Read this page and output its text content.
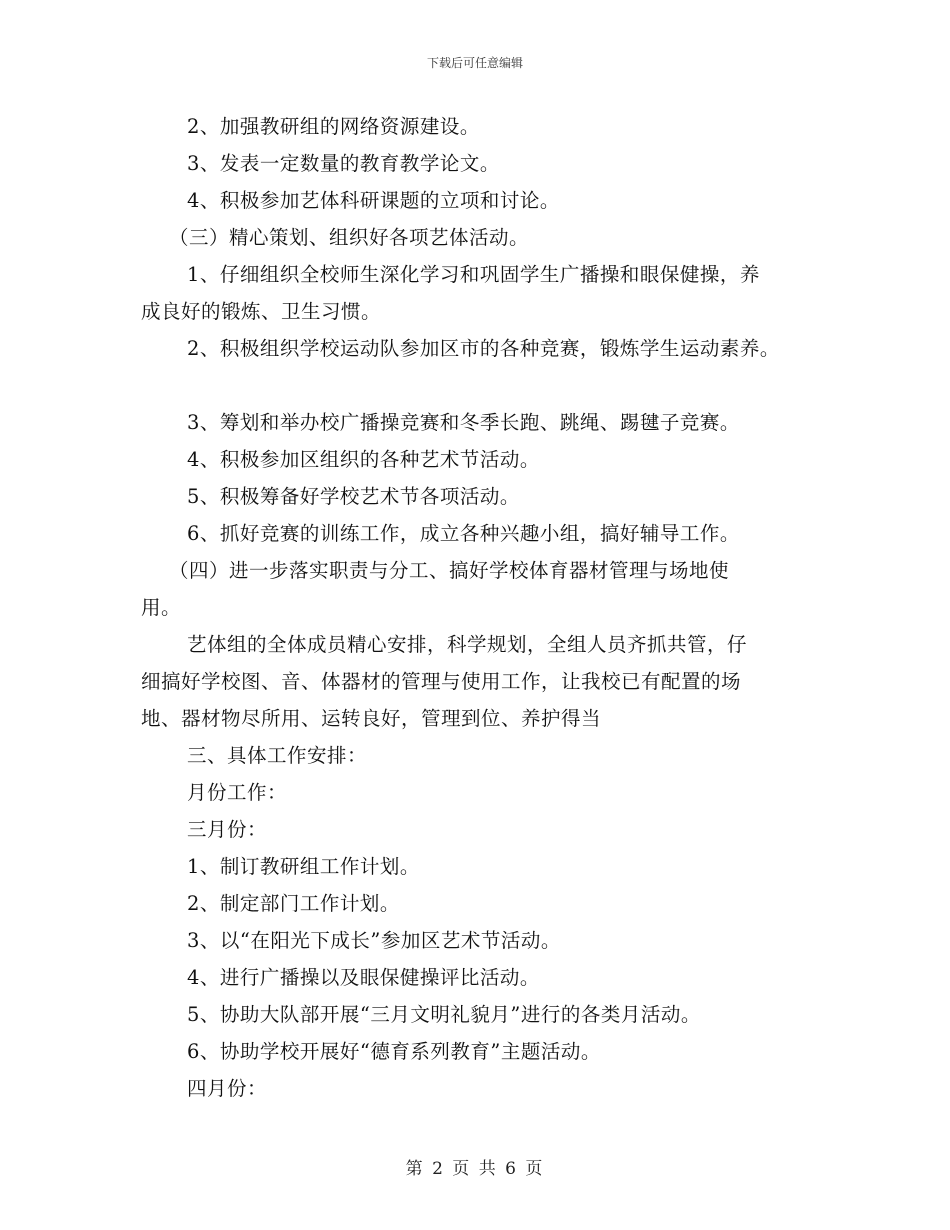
下载后可任意编辑
2、加强教研组的网络资源建设。
3、发表一定数量的教育教学论文。
4、积极参加艺体科研课题的立项和讨论。
（三）精心策划、组织好各项艺体活动。
1、仔细组织全校师生深化学习和巩固学生广播操和眼保健操，养
成良好的锻炼、卫生习惯。
2、积极组织学校运动队参加区市的各种竞赛，锻炼学生运动素养。
3、筹划和举办校广播操竞赛和冬季长跑、跳绳、踢毽子竞赛。
4、积极参加区组织的各种艺术节活动。
5、积极筹备好学校艺术节各项活动。
6、抓好竞赛的训练工作，成立各种兴趣小组，搞好辅导工作。
（四）进一步落实职责与分工、搞好学校体育器材管理与场地使
用。
艺体组的全体成员精心安排，科学规划，全组人员齐抓共管，仔
细搞好学校图、音、体器材的管理与使用工作，让我校已有配置的场
地、器材物尽所用、运转良好，管理到位、养护得当
三、具体工作安排：
月份工作：
三月份：
1、制订教研组工作计划。
2、制定部门工作计划。
3、以“在阳光下成长”参加区艺术节活动。
4、进行广播操以及眼保健操评比活动。
5、协助大队部开展“三月文明礼貌月”进行的各类月活动。
6、协助学校开展好“德育系列教育”主题活动。
四月份：
第 2 页 共 6 页
